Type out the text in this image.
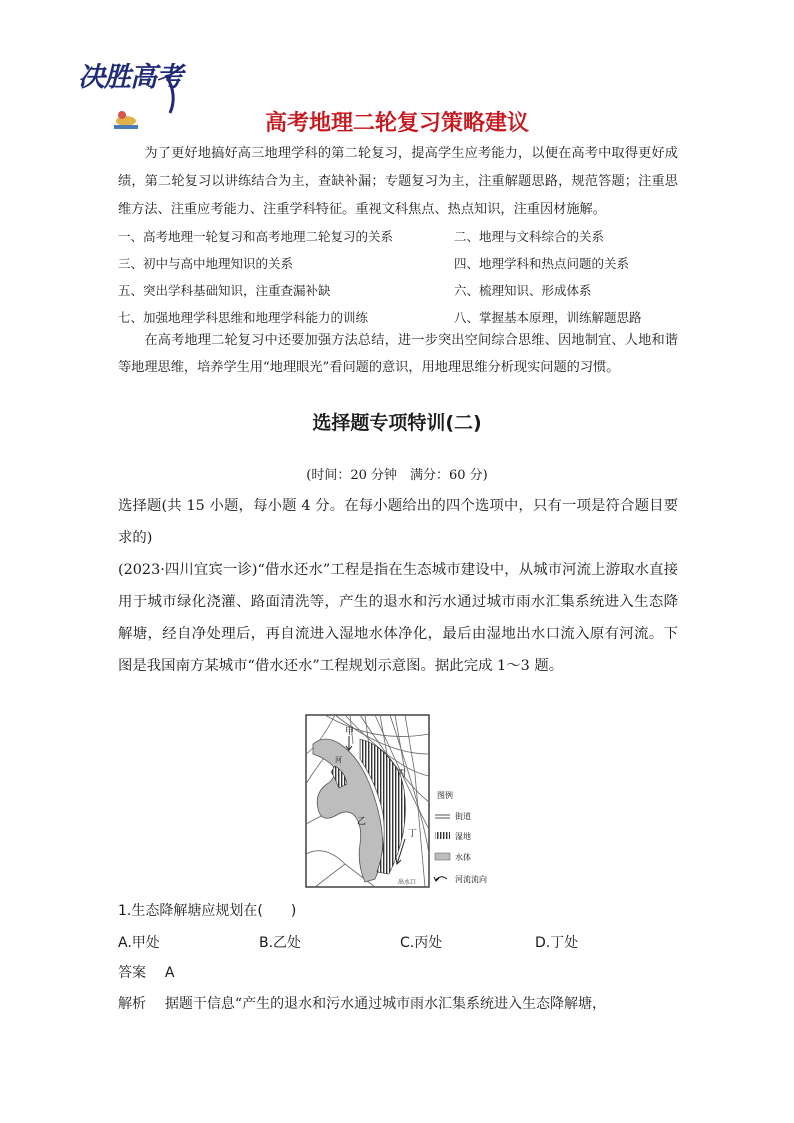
决胜高考
高考地理二轮复习策略建议
为了更好地搞好高三地理学科的第二轮复习，提高学生应考能力，以便在高考中取得更好成绩，第二轮复习以讲练结合为主，查缺补漏；专题复习为主，注重解题思路，规范答题；注重思维方法、注重应考能力、注重学科特征。重视文科焦点、热点知识，注重因材施解。
一、高考地理一轮复习和高考地理二轮复习的关系	二、地理与文科综合的关系
三、初中与高中地理知识的关系	四、地理学科和热点问题的关系
五、突出学科基础知识，注重查漏补缺	六、梳理知识、形成体系
七、加强地理学科思维和地理学科能力的训练	八、掌握基本原理，训练解题思路
在高考地理二轮复习中还要加强方法总结，进一步突出空间综合思维、因地制宜、人地和谐等地理思维，培养学生用“地理眼光”看问题的意识，用地理思维分析现实问题的习惯。
选择题专项特训(二)
(时间：20 分钟　满分：60 分)
选择题(共 15 小题，每小题 4 分。在每小题给出的四个选项中，只有一项是符合题目要求的)
(2023·四川宜宾一诊)“借水还水”工程是指在生态城市建设中，从城市河流上游取水直接用于城市绿化浇灌、路面清洗等，产生的退水和污水通过城市雨水汇集系统进入生态降解塘，经自净处理后，再自流进入湿地水体净化，最后由湿地出水口流入原有河流。下图是我国南方某城市“借水还水”工程规划示意图。据此完成 1～3 题。
甲
河
乙
丙
丁
出水口
图例
街道
湿地
水体
河流流向
1.生态降解塘应规划在(　　)
A.甲处	B.乙处	C.丙处	D.丁处
答案 A
解析 据题干信息“产生的退水和污水通过城市雨水汇集系统进入生态降解塘，
